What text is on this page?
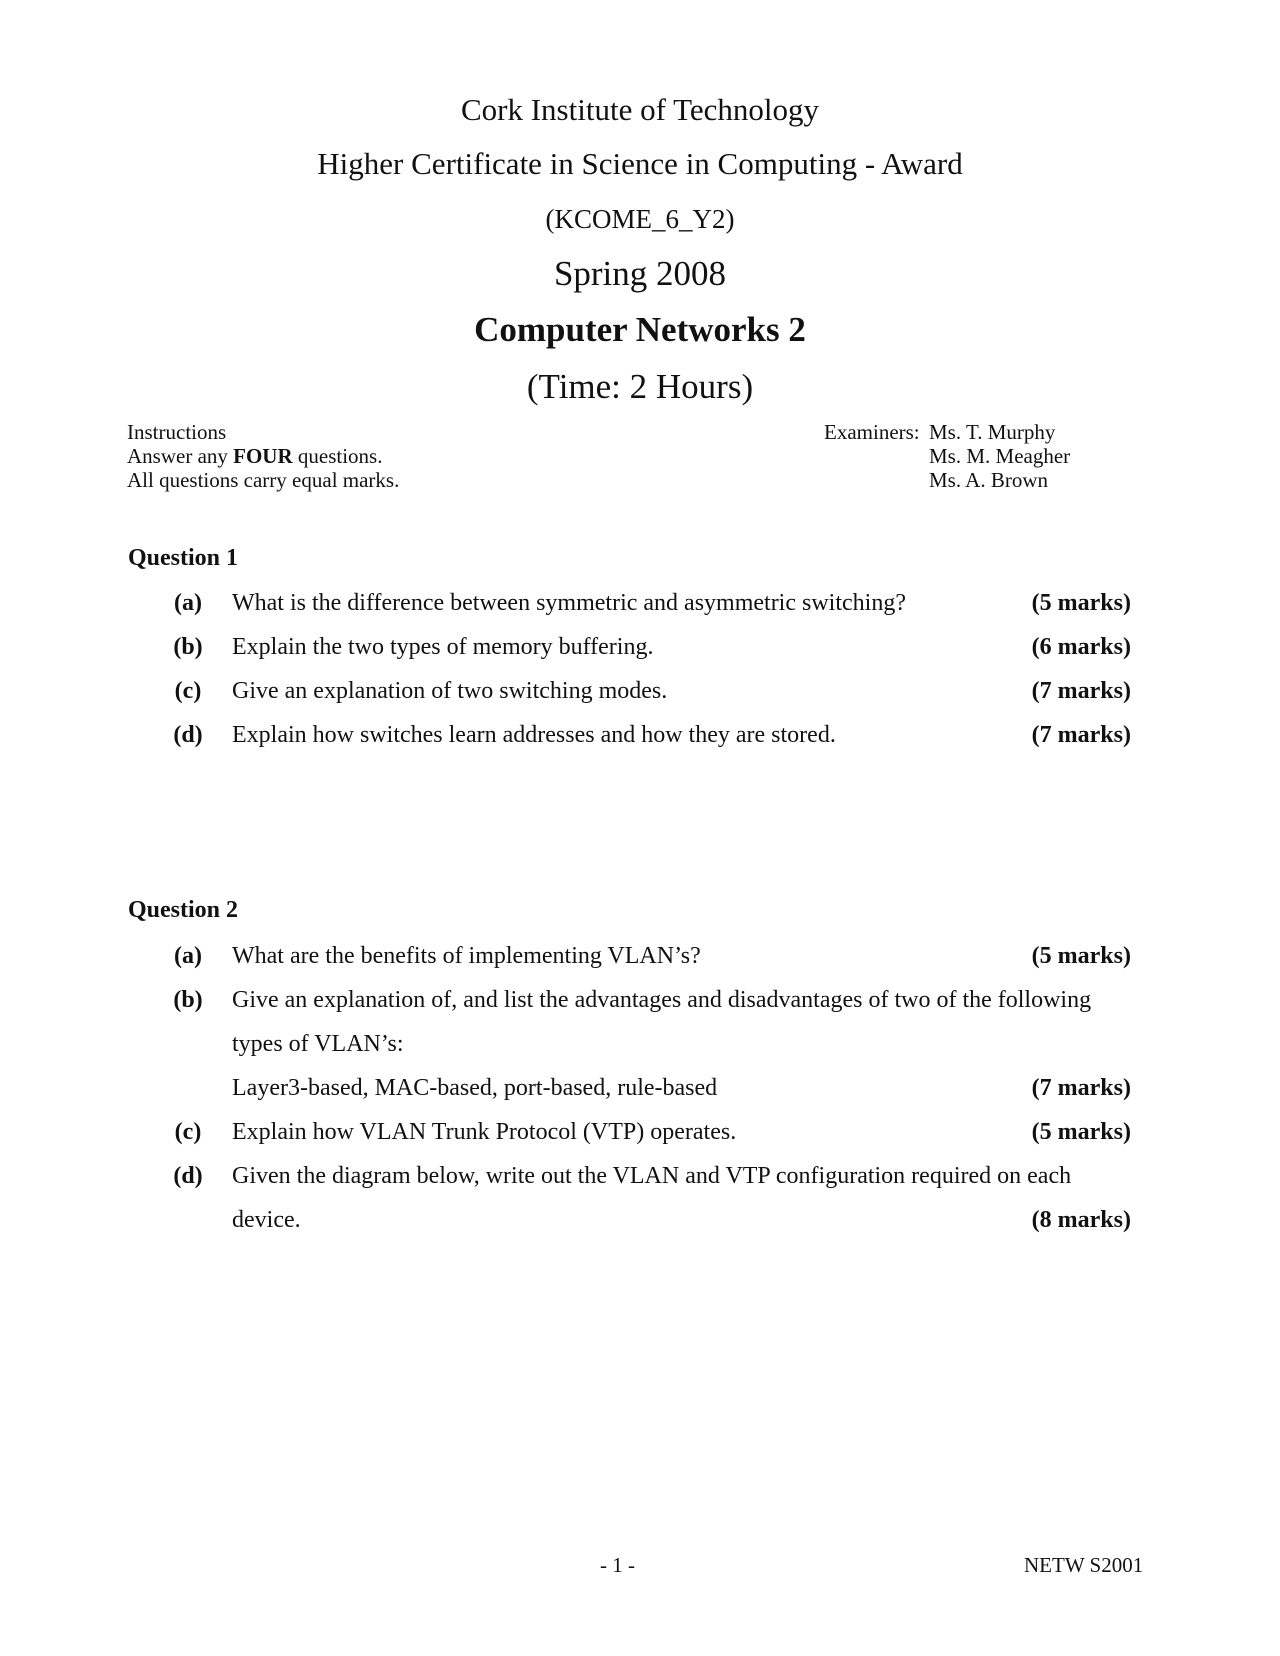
Cork Institute of Technology
Higher Certificate in Science in Computing - Award
(KCOME_6_Y2)
Spring 2008
Computer Networks 2
(Time: 2 Hours)
Instructions
Answer any FOUR questions.
All questions carry equal marks.
Examiners: Ms. T. Murphy
Ms. M. Meagher
Ms. A. Brown
Question 1
(a)	What is the difference between symmetric and asymmetric switching?	(5 marks)
(b)	Explain the two types of memory buffering.	(6 marks)
(c)	Give an explanation of two switching modes.	(7 marks)
(d)	Explain how switches learn addresses and how they are stored.	(7 marks)
Question 2
(a)	What are the benefits of implementing VLAN’s?	(5 marks)
(b)	Give an explanation of, and list the advantages and disadvantages of two of the following
types of VLAN’s:
Layer3-based, MAC-based, port-based, rule-based	(7 marks)
(c)	Explain how VLAN Trunk Protocol (VTP) operates.	(5 marks)
(d)	Given the diagram below, write out the VLAN and VTP configuration required on each
device.	(8 marks)
- 1 -	NETW S2001
